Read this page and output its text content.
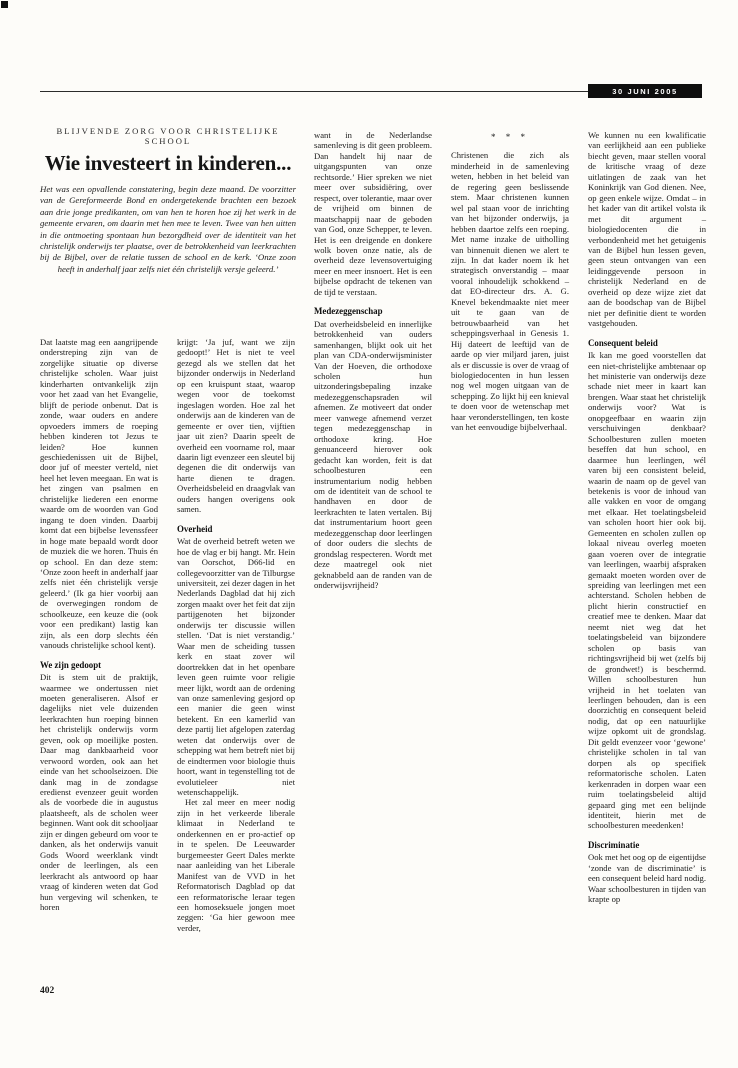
30 JUNI 2005
BLIJVENDE ZORG VOOR CHRISTELIJKE SCHOOL
Wie investeert in kinderen...

Het was een opvallende constatering, begin deze maand. De voorzitter van de Gereformeerde Bond en ondergetekende brachten een bezoek aan drie jonge predikanten, om van hen te horen hoe zij het werk in de gemeente ervaren, om daarin met hen mee te leven. Twee van hen uitten in die ontmoeting spontaan hun bezorgdheid over de identiteit van het christelijk onderwijs ter plaatse, over de betrokkenheid van leerkrachten bij de Bijbel, over de relatie tussen de school en de kerk. ‘Onze zoon heeft in anderhalf jaar zelfs niet één christelijk versje geleerd.’

Dat laatste mag een aangrijpende onderstreping zijn van de zorgelijke situatie op diverse christelijke scholen. Waar juist kinderharten ontvankelijk zijn voor het zaad van het Evangelie, blijft de periode onbenut. Dat is zonde, waar ouders en andere opvoeders immers de roeping hebben kinderen tot Jezus te leiden? Hoe kunnen geschiedenissen uit de Bijbel, door juf of meester verteld, niet heel het leven meegaan. En wat is het zingen van psalmen en christelijke liederen een enorme waarde om de woorden van God ingang te doen vinden. Daarbij komt dat een bijbelse levenssfeer in hoge mate bepaald wordt door de muziek die we horen. Thuis én op school. En dan deze stem: ‘Onze zoon heeft in anderhalf jaar zelfs niet één christelijk versje geleerd.’ (Ik ga hier voorbij aan de overwegingen rondom de schoolkeuze, een keuze die (ook voor een predikant) lastig kan zijn, als een dorp slechts één vanouds christelijke school kent).

We zijn gedoopt

Dit is stem uit de praktijk, waarmee we ondertussen niet moeten generaliseren. Alsof er dagelijks niet vele duizenden leerkrachten hun roeping binnen het christelijk onderwijs vorm geven, ook op moeilijke posten. Daar mag dankbaarheid voor verwoord worden, ook aan het einde van het schoolseizoen. Die dank mag in de zondagse eredienst evenzeer geuit worden als de voorbede die in augustus plaatsheeft, als de scholen weer beginnen. Want ook dit schooljaar zijn er dingen gebeurd om voor te danken, als het onderwijs vanuit Gods Woord weerklank vindt onder de leerlingen, als een leerkracht als antwoord op haar vraag of kinderen weten dat God hun vergeving wil schenken, te horen

krijgt: ‘Ja juf, want we zijn gedoopt!’ Het is niet te veel gezegd als we stellen dat het bijzonder onderwijs in Nederland op een kruispunt staat, waarop wegen voor de toekomst ingeslagen worden. Hoe zal het onderwijs aan de kinderen van de gemeente er over tien, vijftien jaar uit zien? Daarin speelt de overheid een voorname rol, maar daarin ligt evenzeer een sleutel bij degenen die dit onderwijs van harte dienen te dragen. Overheidsbeleid en draagvlak van ouders hangen overigens ook samen.

Overheid

Wat de overheid betreft weten we hoe de vlag er bij hangt. Mr. Hein van Oorschot, D66-lid en collegevoorzitter van de Tilburgse universiteit, zei dezer dagen in het Nederlands Dagblad dat hij zich zorgen maakt over het feit dat zijn partijgenoten het bijzonder onderwijs ter discussie willen stellen. ‘Dat is niet verstandig.’ Waar men de scheiding tussen kerk en staat zover wil doortrekken dat in het openbare leven geen ruimte voor religie meer lijkt, wordt aan de ordening van onze samenleving gesjord op een manier die geen winst betekent. En een kamerlid van deze partij liet afgelopen zaterdag weten dat onderwijs over de schepping wat hem betreft niet bij de eindtermen voor biologie thuis hoort, want in tegenstelling tot de evolutieleer niet wetenschappelijk.

Het zal meer en meer nodig zijn in het verkeerde liberale klimaat in Nederland te onderkennen en er pro-actief op in te spelen. De Leeuwarder burgemeester Geert Dales merkte naar aanleiding van het Liberale Manifest van de VVD in het Reformatorisch Dagblad op dat een reformatorische leraar tegen een homoseksuele jongen moet zeggen: ‘Ga hier gewoon mee verder,

want in de Nederlandse samenleving is dit geen probleem. Dan handelt hij naar de uitgangspunten van onze rechtsorde.’ Hier spreken we niet meer over subsidiëring, over respect, over tolerantie, maar over de vrijheid om binnen de maatschappij naar de geboden van God, onze Schepper, te leven. Het is een dreigende en donkere wolk boven onze natie, als de overheid deze levensovertuiging meer en meer insnoert. Het is een bijbelse opdracht de tekenen van de tijd te verstaan.

Medezeggenschap

Dat overheidsbeleid en innerlijke betrokkenheid van ouders samenhangen, blijkt ook uit het plan van CDA-onderwijsminister Van der Hoeven, die orthodoxe scholen hun uitzonderingsbepaling inzake medezeggenschapsraden wil afnemen. Ze motiveert dat onder meer vanwege afnemend verzet tegen medezeggenschap in orthodoxe kring. Hoe genuanceerd hierover ook gedacht kan worden, feit is dat schoolbesturen een instrumentarium nodig hebben om de identiteit van de school te handhaven en door de leerkrachten te laten vertalen. Bij dat instrumentarium hoort geen medezeggenschap door leerlingen of door ouders die slechts de grondslag respecteren. Wordt met deze maatregel ook niet geknabbeld aan de randen van de onderwijsvrijheid?

* * *

Christenen die zich als minderheid in de samenleving weten, hebben in het beleid van de regering geen beslissende stem. Maar christenen kunnen wel pal staan voor de inrichting van het bijzonder onderwijs, ja hebben daartoe zelfs een roeping. Met name inzake de uitholling van binnenuit dienen we alert te zijn. In dat kader noem ik het strategisch onverstandig – maar vooral inhoudelijk schokkend – dat EO-directeur drs. A. G. Knevel bekendmaakte niet meer uit te gaan van de betrouwbaarheid van het scheppingsverhaal in Genesis 1. Hij dateert de leeftijd van de aarde op vier miljard jaren, juist als er discussie is over de vraag of biologiedocenten in hun lessen nog wel mogen uitgaan van de schepping. Zo lijkt hij een knieval te doen voor de wetenschap met haar veronderstellingen, ten koste van het eenvoudige bijbelverhaal.

We kunnen nu een kwalificatie van eerlijkheid aan een publieke biecht geven, maar stellen vooral de kritische vraag of deze uitlatingen de zaak van het Koninkrijk van God dienen. Nee, op geen enkele wijze. Omdat – in het kader van dit artikel volsta ik met dit argument – biologiedocenten die in verbondenheid met het getuigenis van de Bijbel hun lessen geven, geen steun ontvangen van een leidinggevende persoon in christelijk Nederland en de overheid op deze wijze ziet dat aan de boodschap van de Bijbel niet per definitie dient te worden vastgehouden.

Consequent beleid

Ik kan me goed voorstellen dat een niet-christelijke ambtenaar op het ministerie van onderwijs deze schade niet meer in kaart kan brengen. Waar staat het christelijk onderwijs voor? Wat is onopgeefbaar en waarin zijn verschuivingen denkbaar? Schoolbesturen zullen moeten beseffen dat hun school, en daarmee hun leerlingen, wél varen bij een consistent beleid, waarin de naam op de gevel van betekenis is voor de inhoud van alle vakken en voor de omgang met elkaar. Het toelatingsbeleid van scholen hoort hier ook bij. Gemeenten en scholen zullen op lokaal niveau overleg moeten gaan voeren over de integratie van leerlingen, waarbij afspraken gemaakt moeten worden over de spreiding van leerlingen met een achterstand. Scholen hebben de plicht hierin constructief en creatief mee te denken. Maar dat neemt niet weg dat het toelatingsbeleid van bijzondere scholen op basis van richtingsvrijheid bij wet (zelfs bij de grondwet!) is beschermd. Willen schoolbesturen hun vrijheid in het toelaten van leerlingen behouden, dan is een doorzichtig en consequent beleid nodig, dat op een natuurlijke wijze opkomt uit de grondslag. Dit geldt evenzeer voor ‘gewone’ christelijke scholen in tal van dorpen als op specifiek reformatorische scholen. Laten kerkenraden in dorpen waar een ruim toelatingsbeleid altijd gepaard ging met een belijnde identiteit, hierin met de schoolbesturen meedenken!

Discriminatie

Ook met het oog op de eigentijdse ‘zonde van de discriminatie’ is een consequent beleid hard nodig. Waar schoolbesturen in tijden van krapte op

402
